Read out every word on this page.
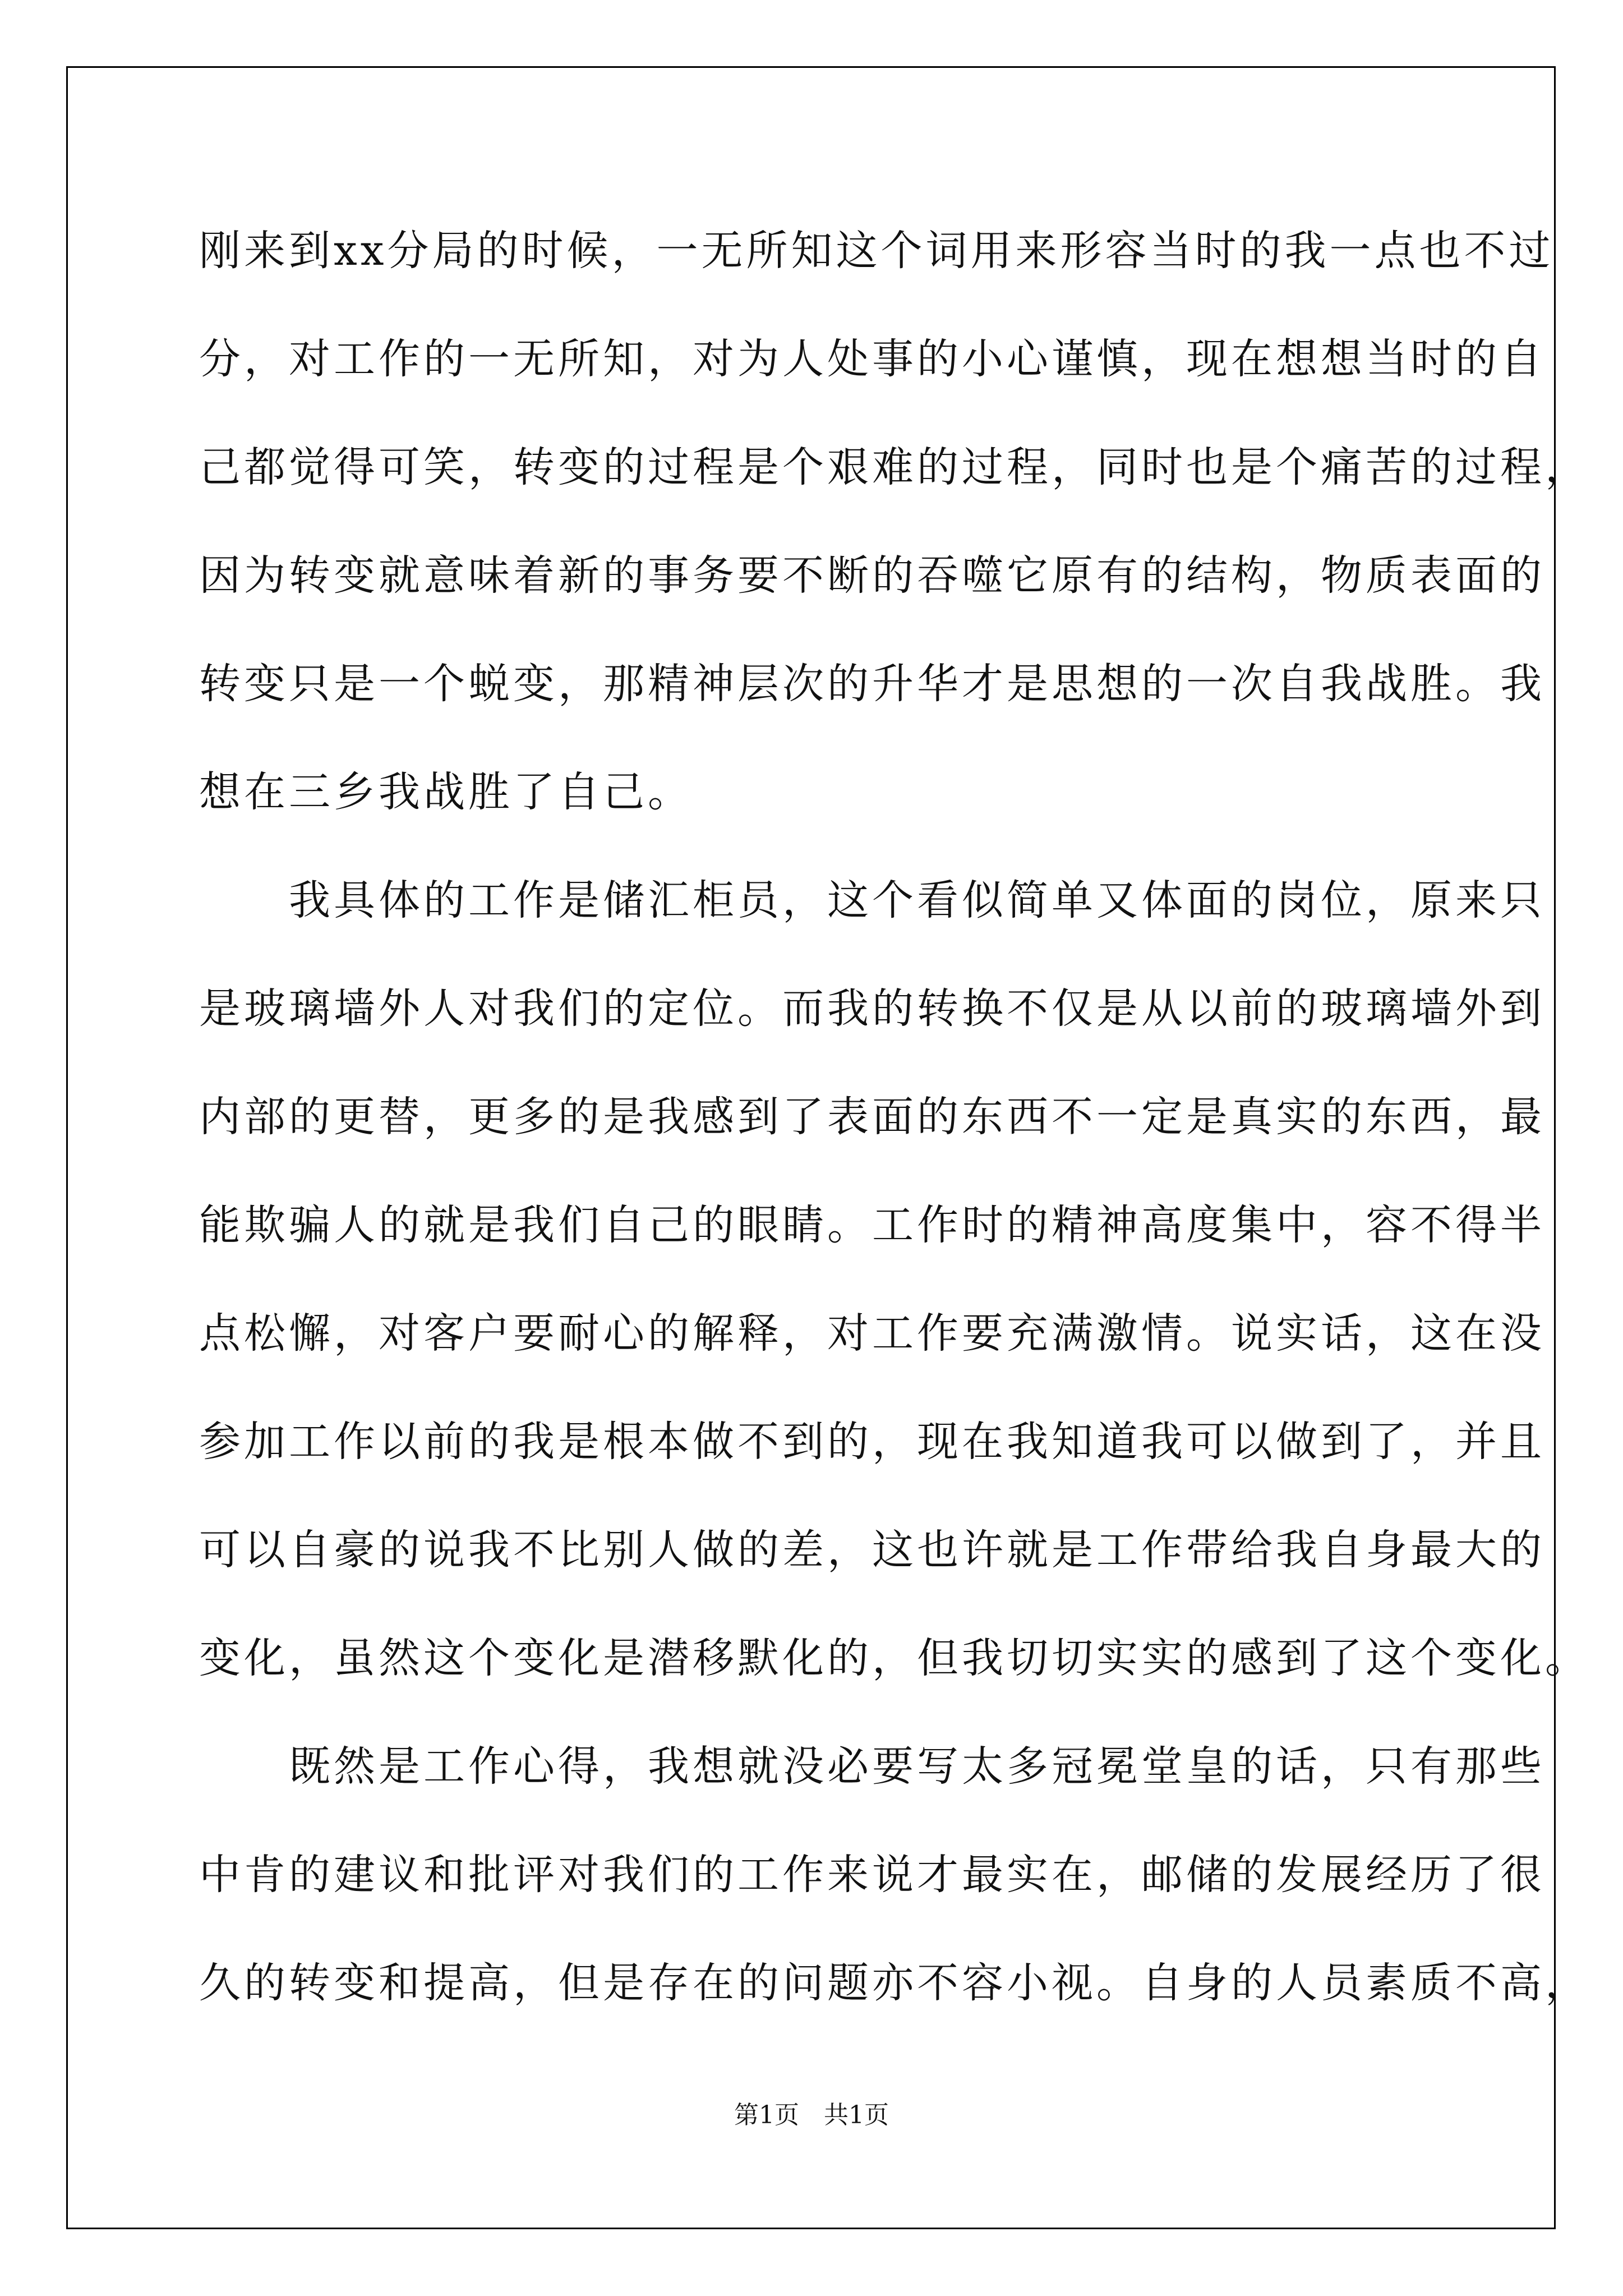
刚来到xx分局的时候，一无所知这个词用来形容当时的我一点也不过
分，对工作的一无所知，对为人处事的小心谨慎，现在想想当时的自
己都觉得可笑，转变的过程是个艰难的过程，同时也是个痛苦的过程，
因为转变就意味着新的事务要不断的吞噬它原有的结构，物质表面的
转变只是一个蜕变，那精神层次的升华才是思想的一次自我战胜。我
想在三乡我战胜了自己。
　　我具体的工作是储汇柜员，这个看似简单又体面的岗位，原来只
是玻璃墙外人对我们的定位。而我的转换不仅是从以前的玻璃墙外到
内部的更替，更多的是我感到了表面的东西不一定是真实的东西，最
能欺骗人的就是我们自己的眼睛。工作时的精神高度集中，容不得半
点松懈，对客户要耐心的解释，对工作要充满激情。说实话，这在没
参加工作以前的我是根本做不到的，现在我知道我可以做到了，并且
可以自豪的说我不比别人做的差，这也许就是工作带给我自身最大的
变化，虽然这个变化是潜移默化的，但我切切实实的感到了这个变化。
　　既然是工作心得，我想就没必要写太多冠冕堂皇的话，只有那些
中肯的建议和批评对我们的工作来说才最实在，邮储的发展经历了很
久的转变和提高，但是存在的问题亦不容小视。自身的人员素质不高，
第1页　共1页
